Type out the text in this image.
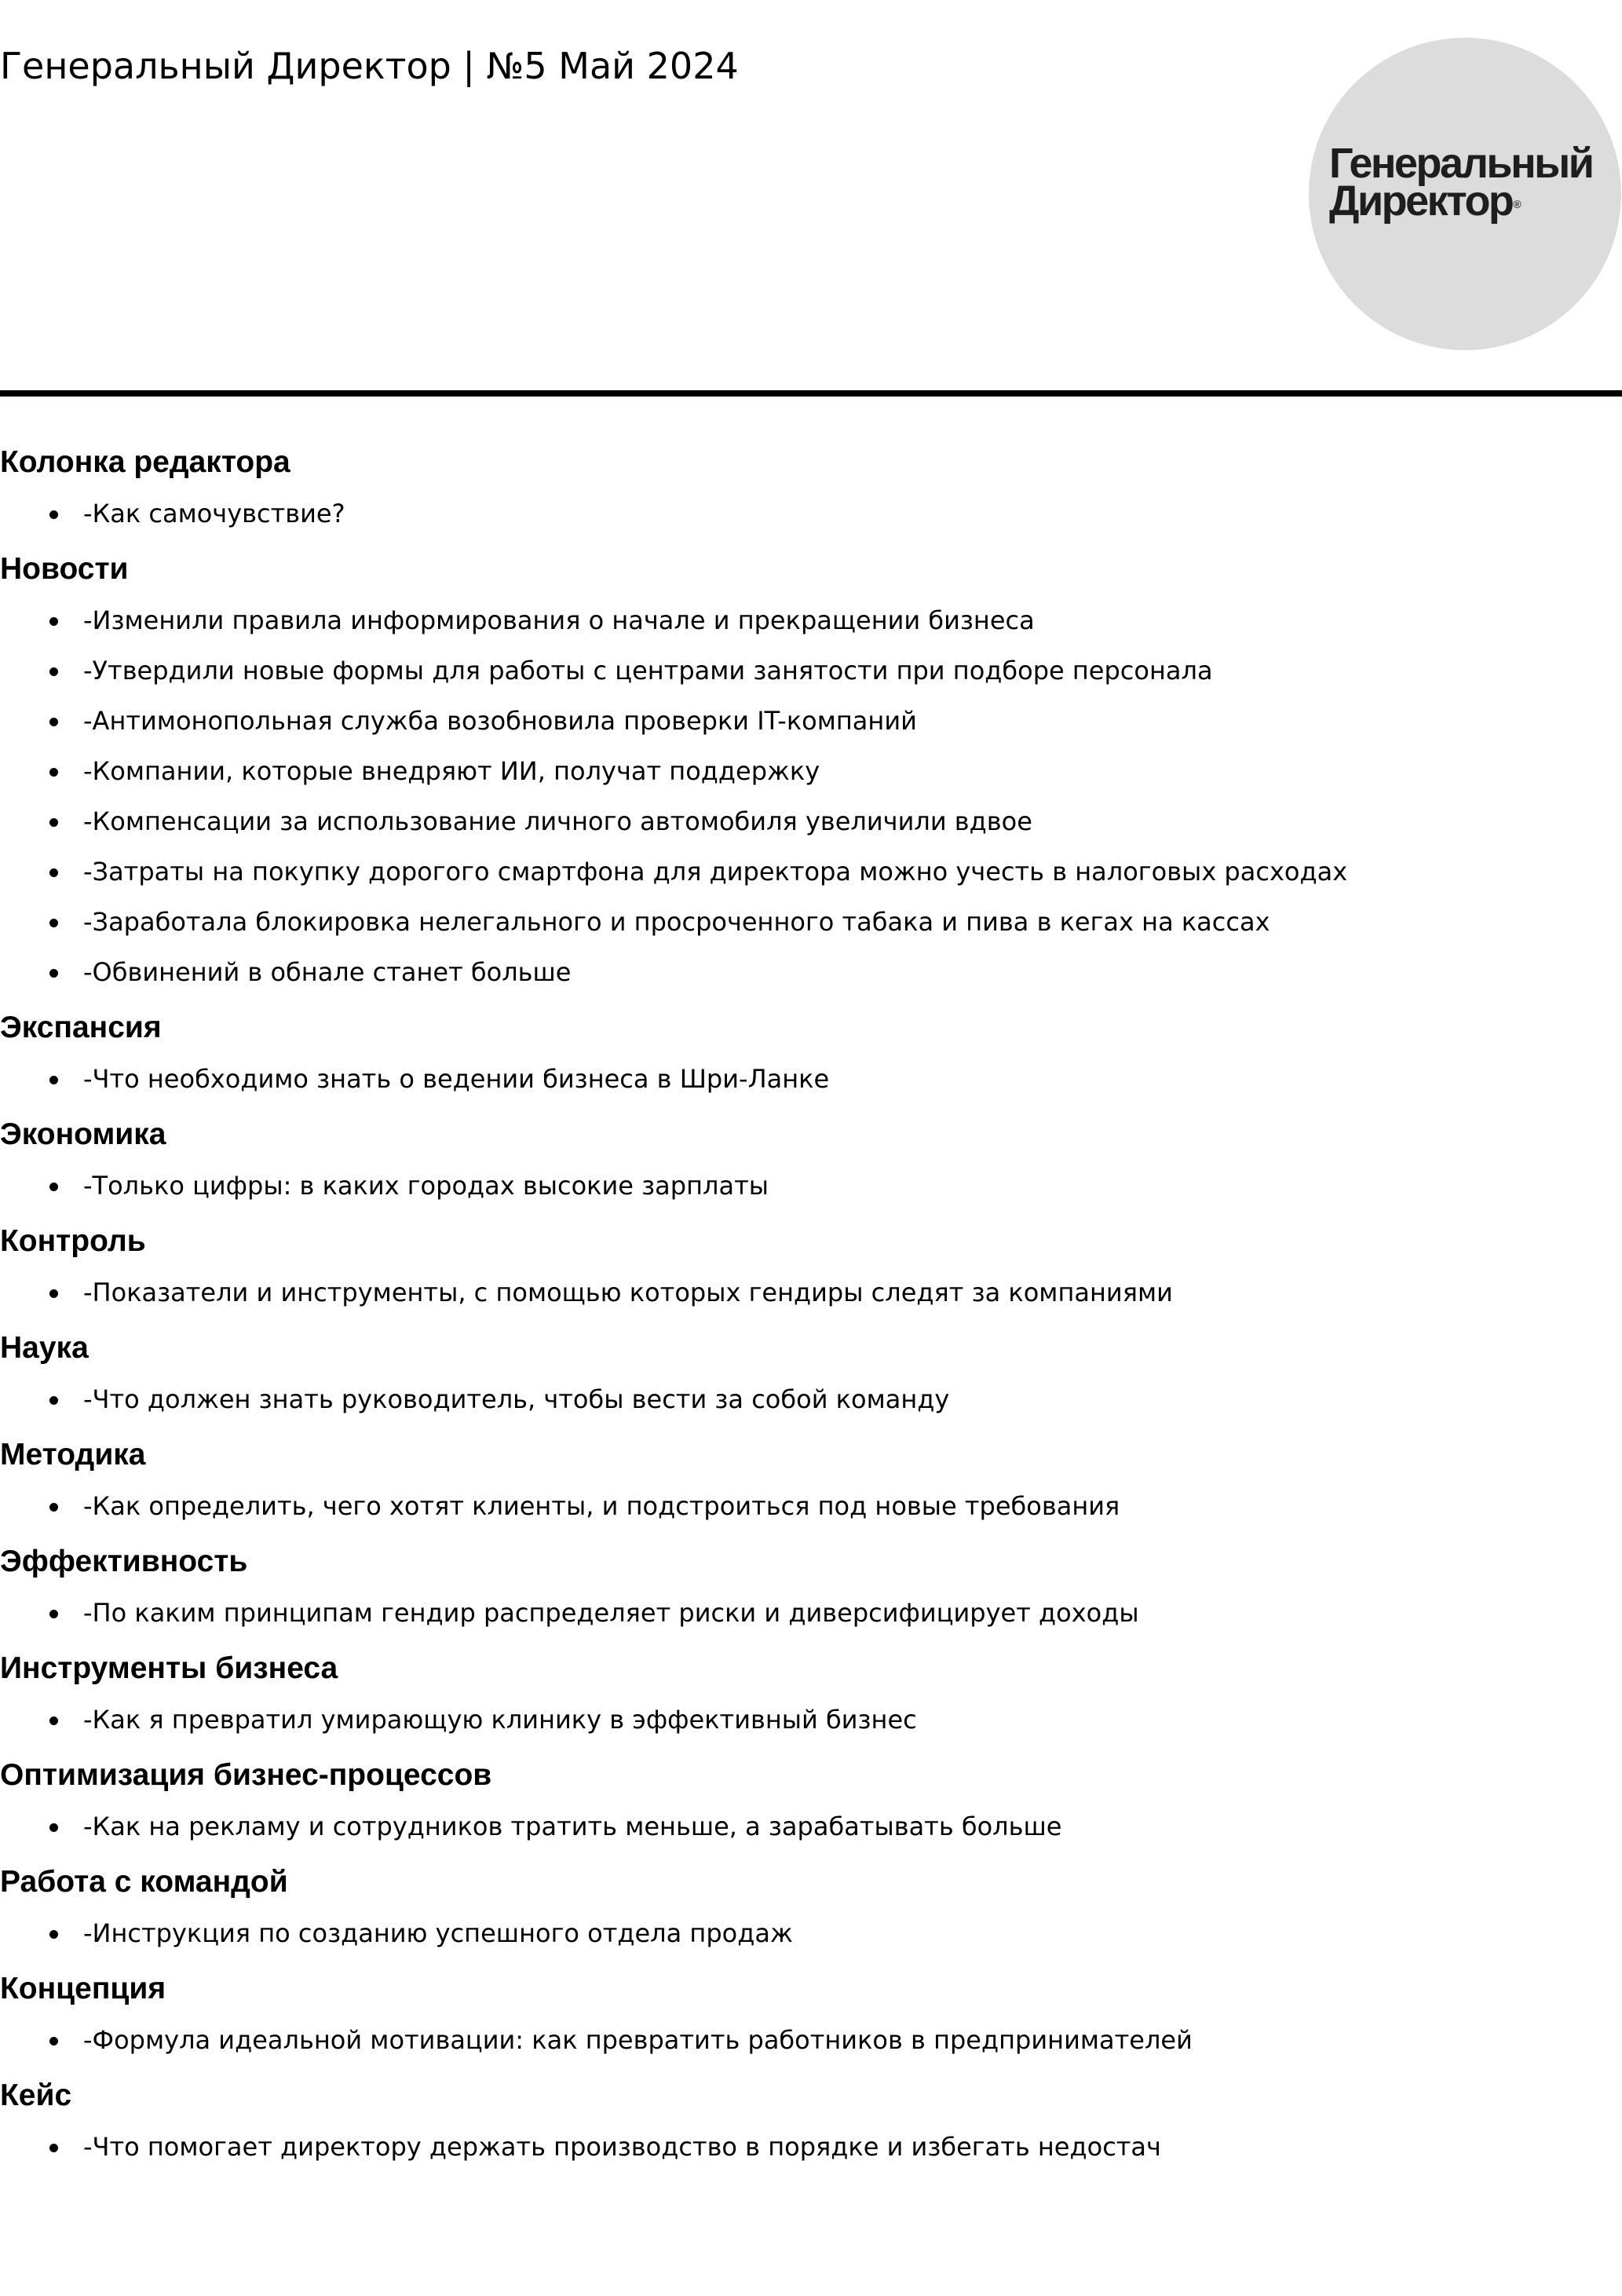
Генеральный Директор | №5 Май 2024
Генеральный
Директор®
Колонка редактора
-Как самочувствие?
Новости
-Изменили правила информирования о начале и прекращении бизнеса
-Утвердили новые формы для работы с центрами занятости при подборе персонала
-Антимонопольная служба возобновила проверки IT-компаний
-Компании, которые внедряют ИИ, получат поддержку
-Компенсации за использование личного автомобиля увеличили вдвое
-Затраты на покупку дорогого смартфона для директора можно учесть в налоговых расходах
-Заработала блокировка нелегального и просроченного табака и пива в кегах на кассах
-Обвинений в обнале станет больше
Экспансия
-Что необходимо знать о ведении бизнеса в Шри-Ланке
Экономика
-Только цифры: в каких городах высокие зарплаты
Контроль
-Показатели и инструменты, с помощью которых гендиры следят за компаниями
Наука
-Что должен знать руководитель, чтобы вести за собой команду
Методика
-Как определить, чего хотят клиенты, и подстроиться под новые требования
Эффективность
-По каким принципам гендир распределяет риски и диверсифицирует доходы
Инструменты бизнеса
-Как я превратил умирающую клинику в эффективный бизнес
Оптимизация бизнес-процессов
-Как на рекламу и сотрудников тратить меньше, а зарабатывать больше
Работа с командой
-Инструкция по созданию успешного отдела продаж
Концепция
-Формула идеальной мотивации: как превратить работников в предпринимателей
Кейс
-Что помогает директору держать производство в порядке и избегать недостач
